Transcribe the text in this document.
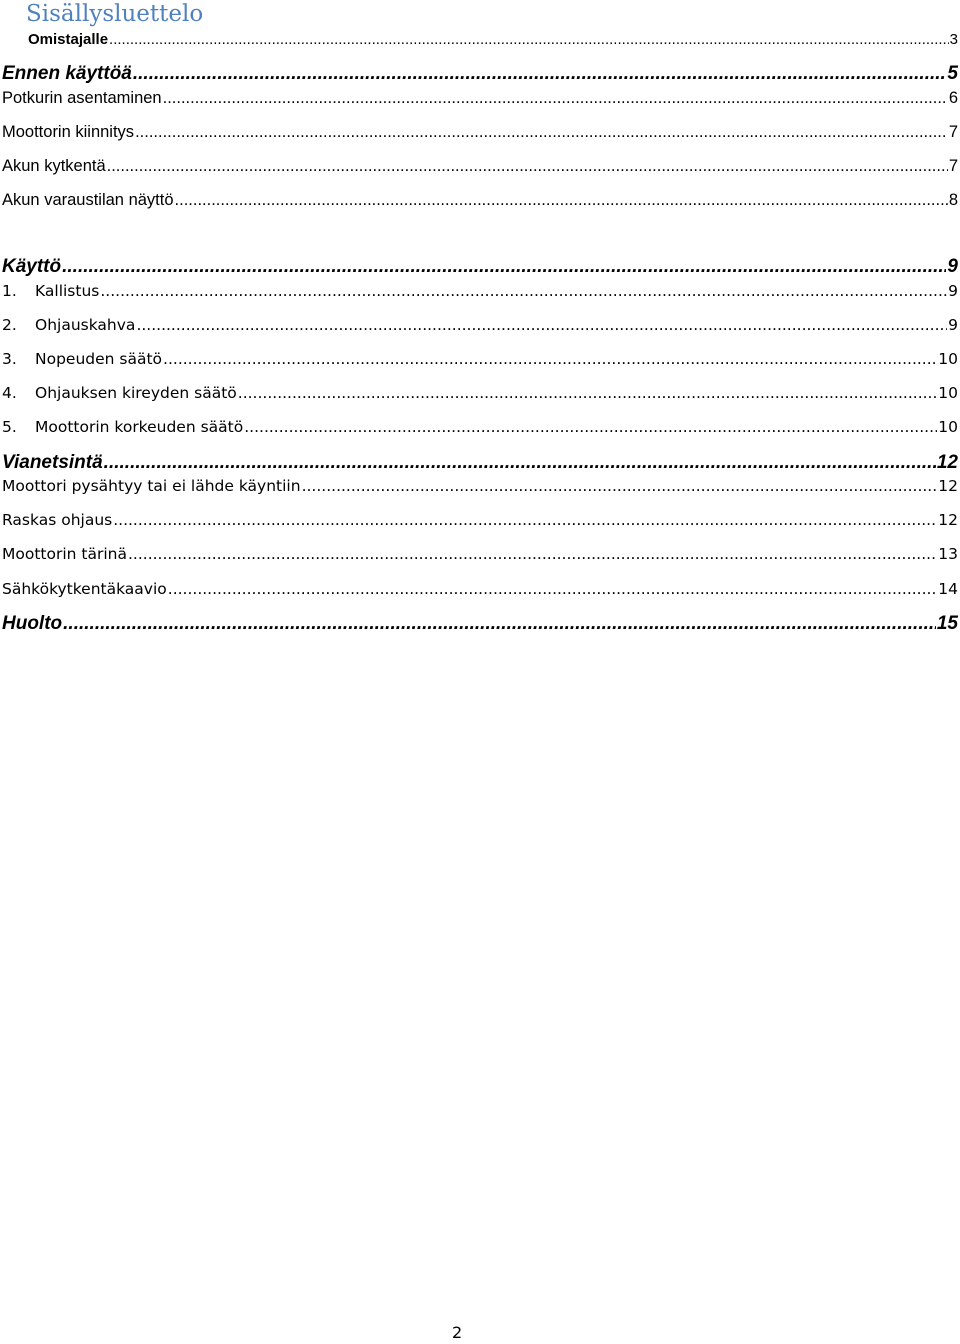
Sisällysluettelo
Omistajalle .....	3
Ennen käyttöä .....	5
Potkurin asentaminen .....	6
Moottorin kiinnitys .....	7
Akun kytkentä .....	7
Akun varaustilan näyttö .....	8
Käyttö .....	9
1. Kallistus .....	9
2. Ohjauskahva .....	9
3. Nopeuden säätö .....	10
4. Ohjauksen kireyden säätö .....	10
5. Moottorin korkeuden säätö .....	10
Vianetsintä .....	12
Moottori pysähtyy tai ei lähde käyntiin .....	12
Raskas ohjaus .....	12
Moottorin tärinä .....	13
Sähkökytkentäkaavio .....	14
Huolto .....	15
2
